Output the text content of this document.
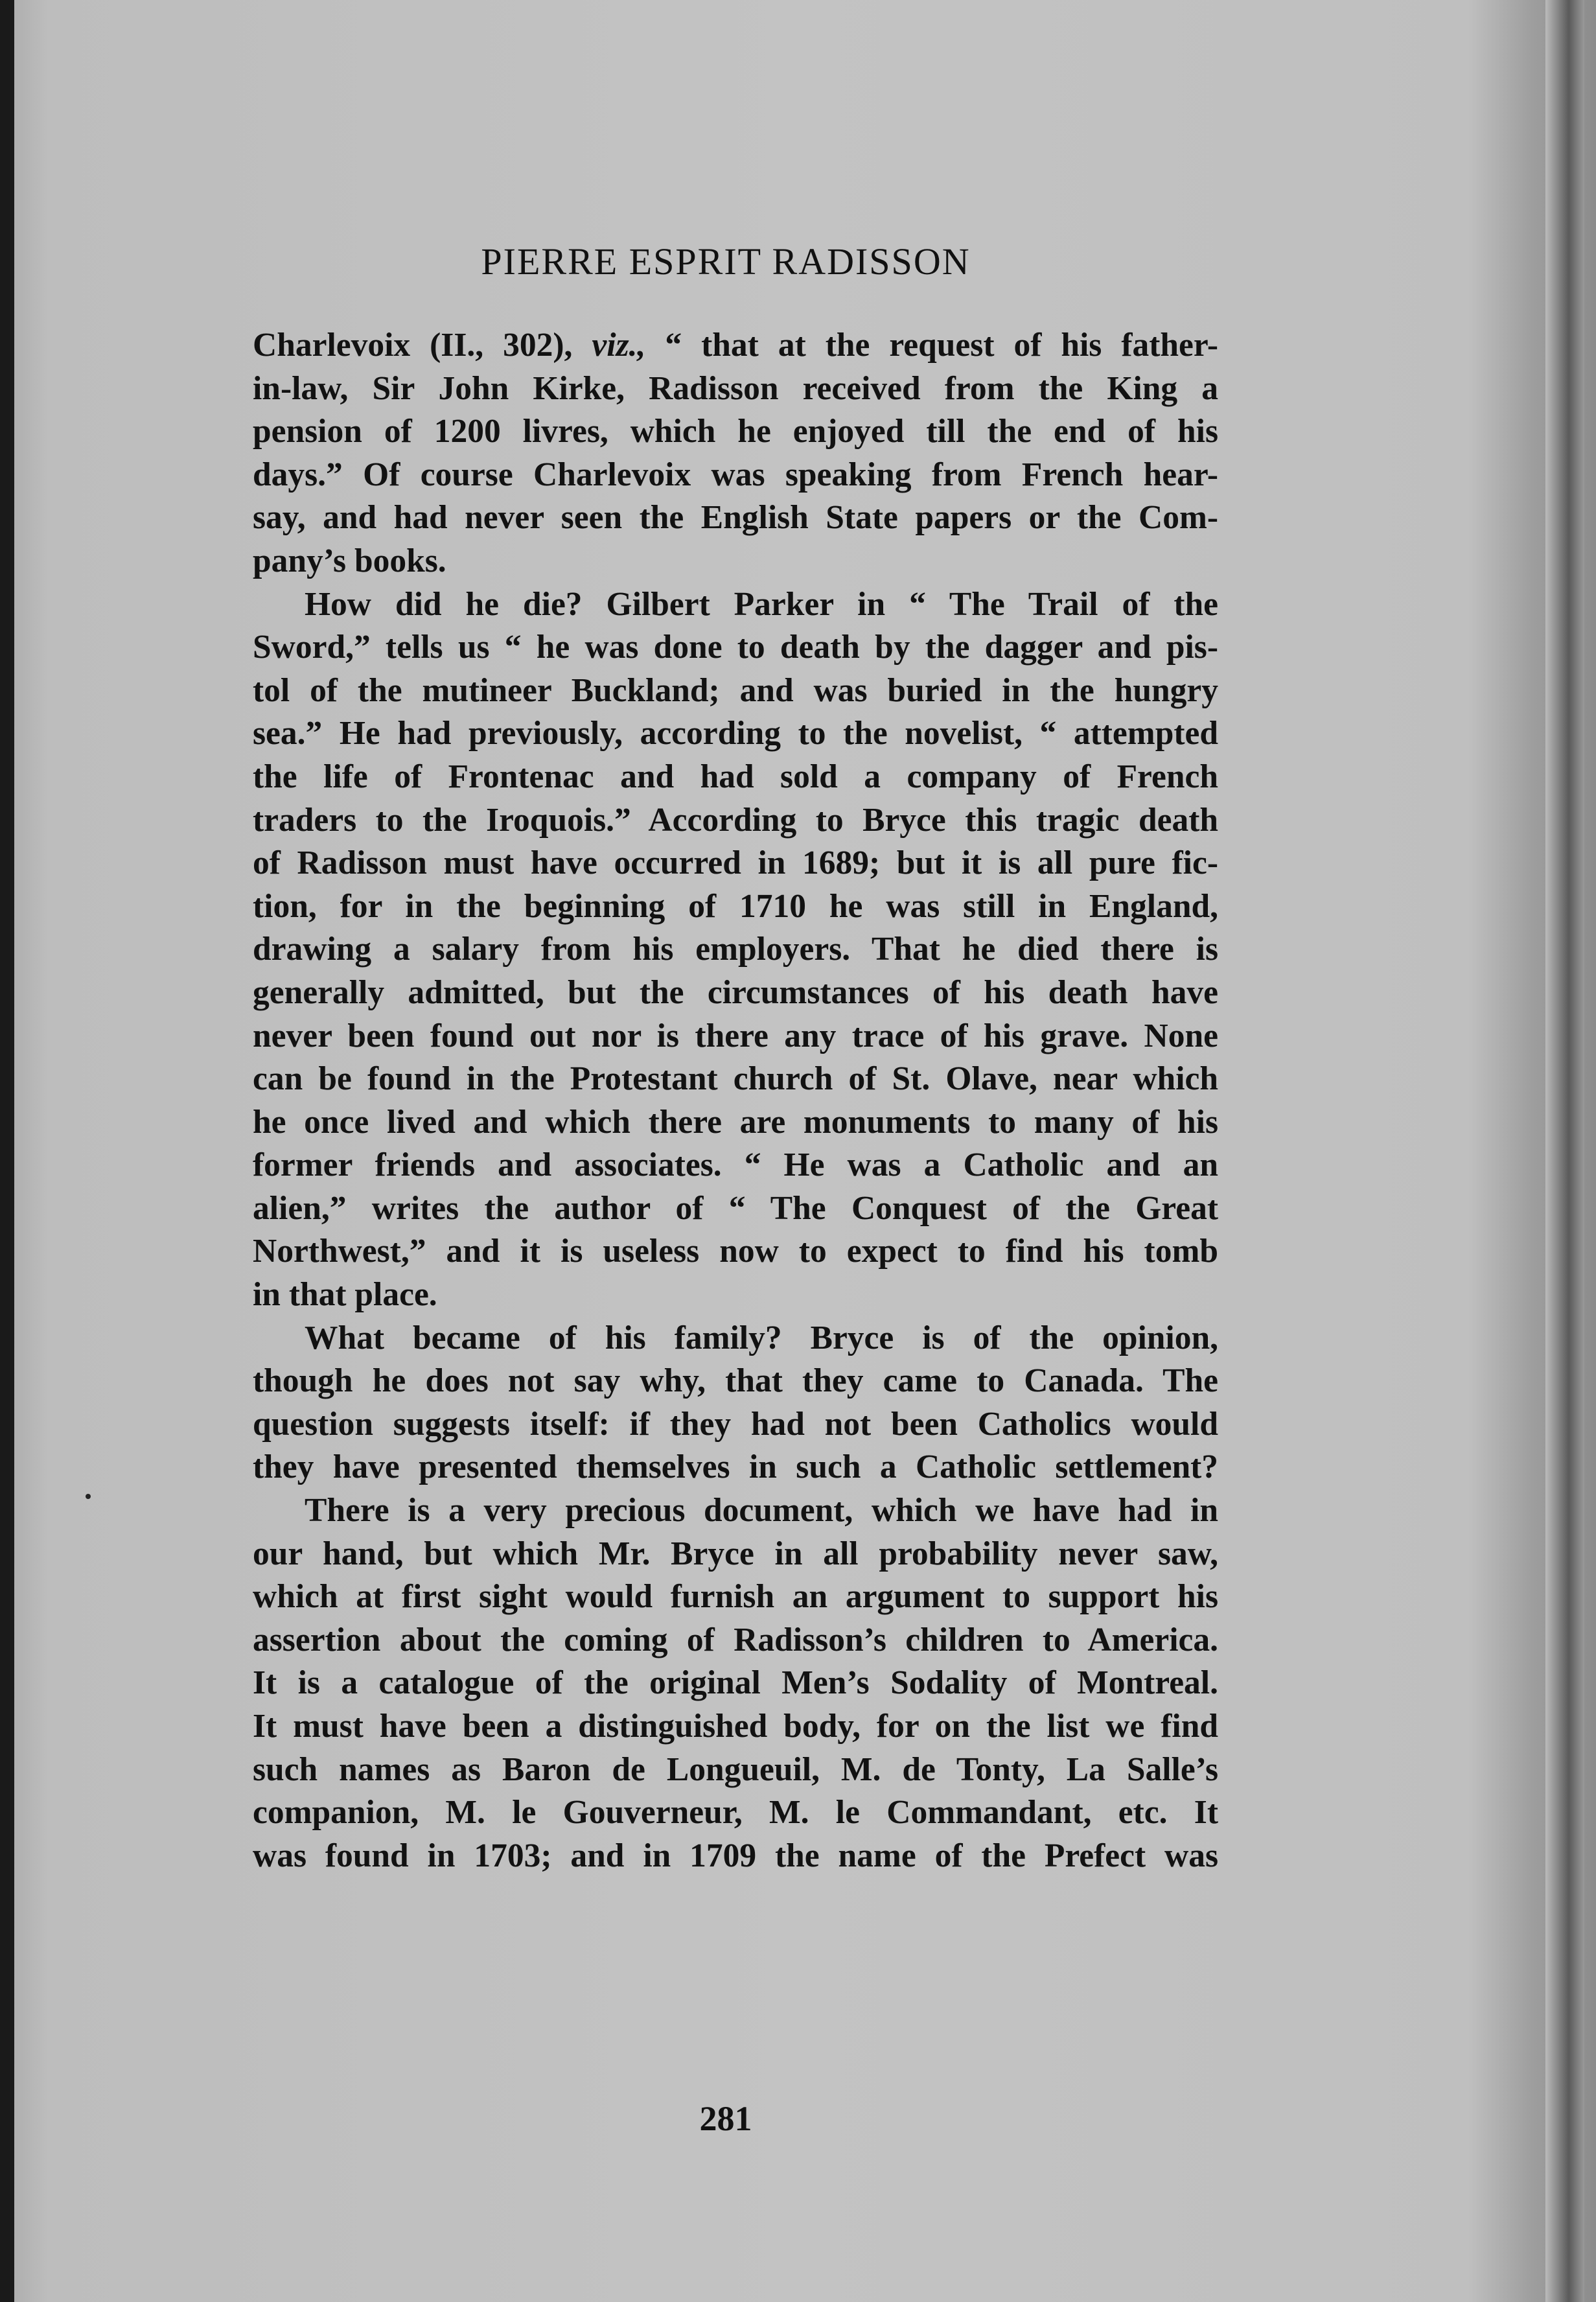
PIERRE ESPRIT RADISSON
Charlevoix (II., 302), viz., “ that at the request of his father-
in-law, Sir John Kirke, Radisson received from the King a
pension of 1200 livres, which he enjoyed till the end of his
days.” Of course Charlevoix was speaking from French hear-
say, and had never seen the English State papers or the Com-
pany’s books.
How did he die? Gilbert Parker in “ The Trail of the
Sword,” tells us “ he was done to death by the dagger and pis-
tol of the mutineer Buckland; and was buried in the hungry
sea.” He had previously, according to the novelist, “ attempted
the life of Frontenac and had sold a company of French
traders to the Iroquois.” According to Bryce this tragic death
of Radisson must have occurred in 1689; but it is all pure fic-
tion, for in the beginning of 1710 he was still in England,
drawing a salary from his employers. That he died there is
generally admitted, but the circumstances of his death have
never been found out nor is there any trace of his grave. None
can be found in the Protestant church of St. Olave, near which
he once lived and which there are monuments to many of his
former friends and associates. “ He was a Catholic and an
alien,” writes the author of “ The Conquest of the Great
Northwest,” and it is useless now to expect to find his tomb
in that place.
What became of his family? Bryce is of the opinion,
though he does not say why, that they came to Canada. The
question suggests itself: if they had not been Catholics would
they have presented themselves in such a Catholic settlement?
There is a very precious document, which we have had in
our hand, but which Mr. Bryce in all probability never saw,
which at first sight would furnish an argument to support his
assertion about the coming of Radisson’s children to America.
It is a catalogue of the original Men’s Sodality of Montreal.
It must have been a distinguished body, for on the list we find
such names as Baron de Longueuil, M. de Tonty, La Salle’s
companion, M. le Gouverneur, M. le Commandant, etc. It
was found in 1703; and in 1709 the name of the Prefect was
281
